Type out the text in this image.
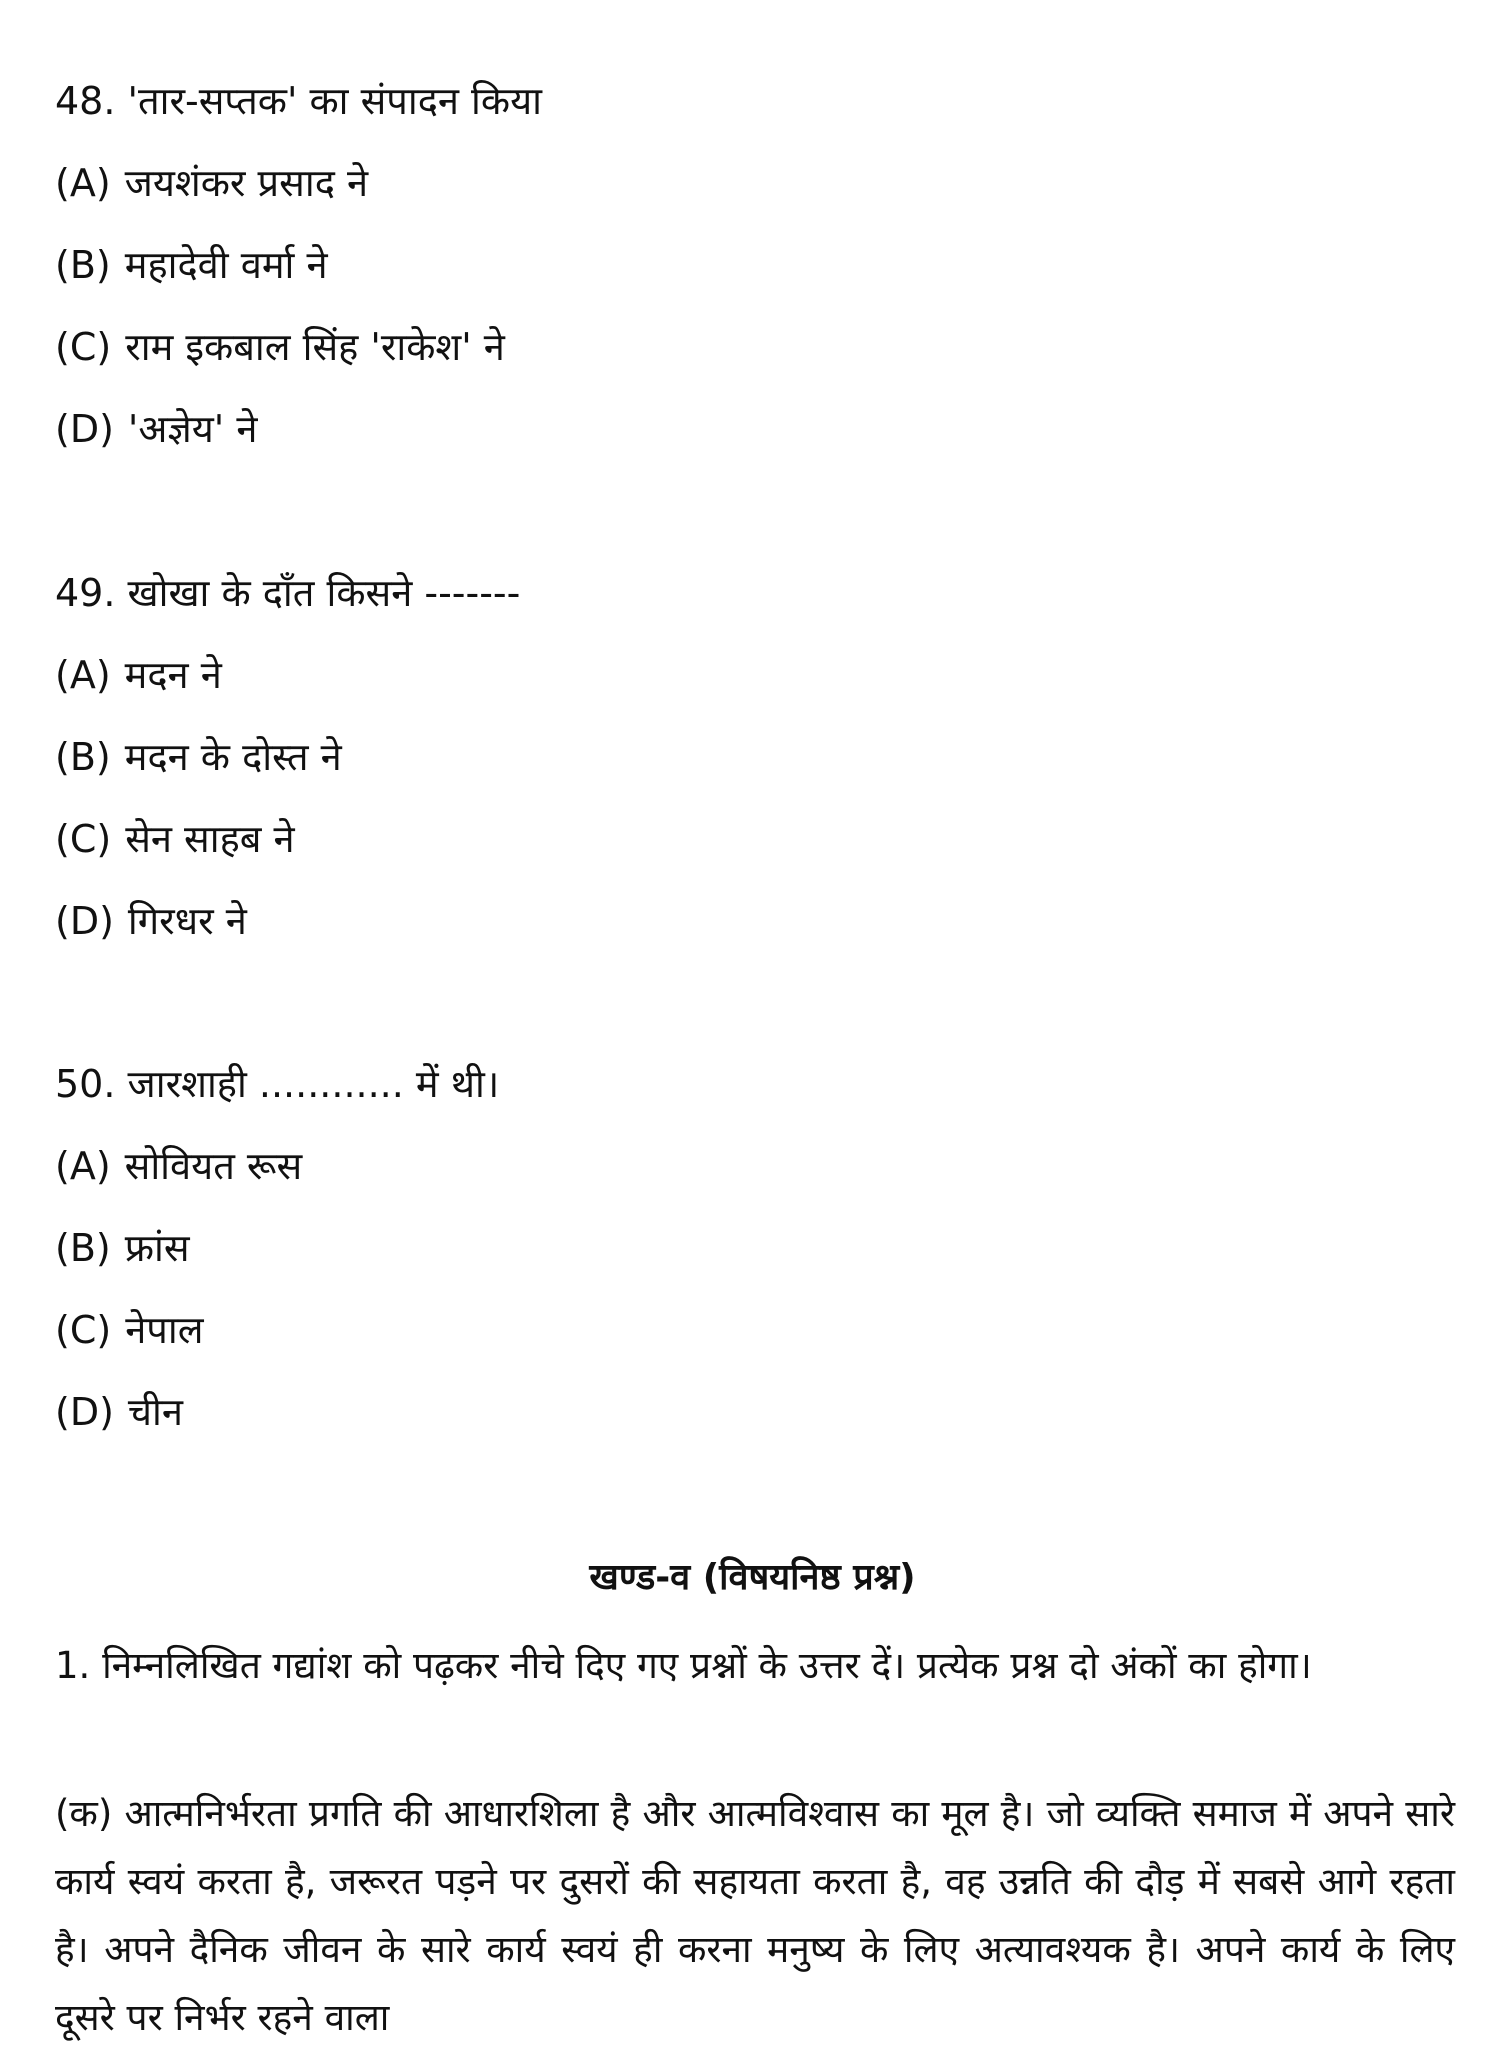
48. 'तार-सप्तक' का संपादन किया
(A) जयशंकर प्रसाद ने
(B) महादेवी वर्मा ने
(C) राम इकबाल सिंह 'राकेश' ने
(D) 'अज्ञेय' ने
49. खोखा के दाँत किसने -------
(A) मदन ने
(B) मदन के दोस्त ने
(C) सेन साहब ने
(D) गिरधर ने
50. जारशाही ............ में थी।
(A) सोवियत रूस
(B) फ्रांस
(C) नेपाल
(D) चीन
खण्ड-व (विषयनिष्ठ प्रश्न)
1. निम्नलिखित गद्यांश को पढ़कर नीचे दिए गए प्रश्नों के उत्तर दें। प्रत्येक प्रश्न दो अंकों का होगा।
(क) आत्मनिर्भरता प्रगति की आधारशिला है और आत्मविश्वास का मूल है। जो व्यक्ति समाज में अपने सारे कार्य स्वयं करता है, जरूरत पड़ने पर दुसरों की सहायता करता है, वह उन्नति की दौड़ में सबसे आगे रहता है। अपने दैनिक जीवन के सारे कार्य स्वयं ही करना मनुष्य के लिए अत्यावश्यक है। अपने कार्य के लिए दूसरे पर निर्भर रहने वाला
